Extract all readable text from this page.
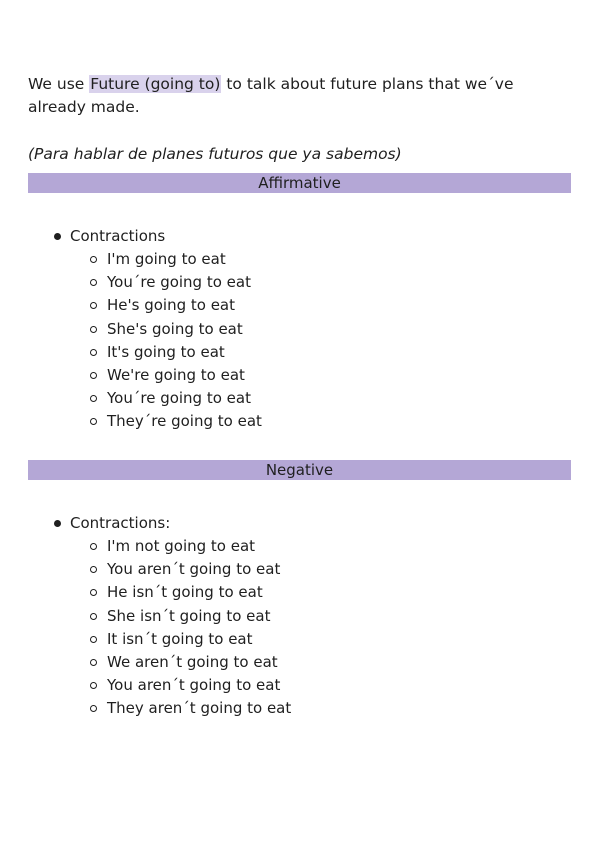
We use Future (going to) to talk about future plans that we´ve already made.

(Para hablar de planes futuros que ya sabemos)

Affirmative
Contractions
I'm going to eat
You´re going to eat
He's going to eat
She's going to eat
It's going to eat
We're going to eat
You´re going to eat
They´re going to eat
Negative
Contractions:
I'm not going to eat
You aren´t going to eat
He isn´t going to eat
She isn´t going to eat
It isn´t going to eat
We aren´t going to eat
You aren´t going to eat
They aren´t going to eat
